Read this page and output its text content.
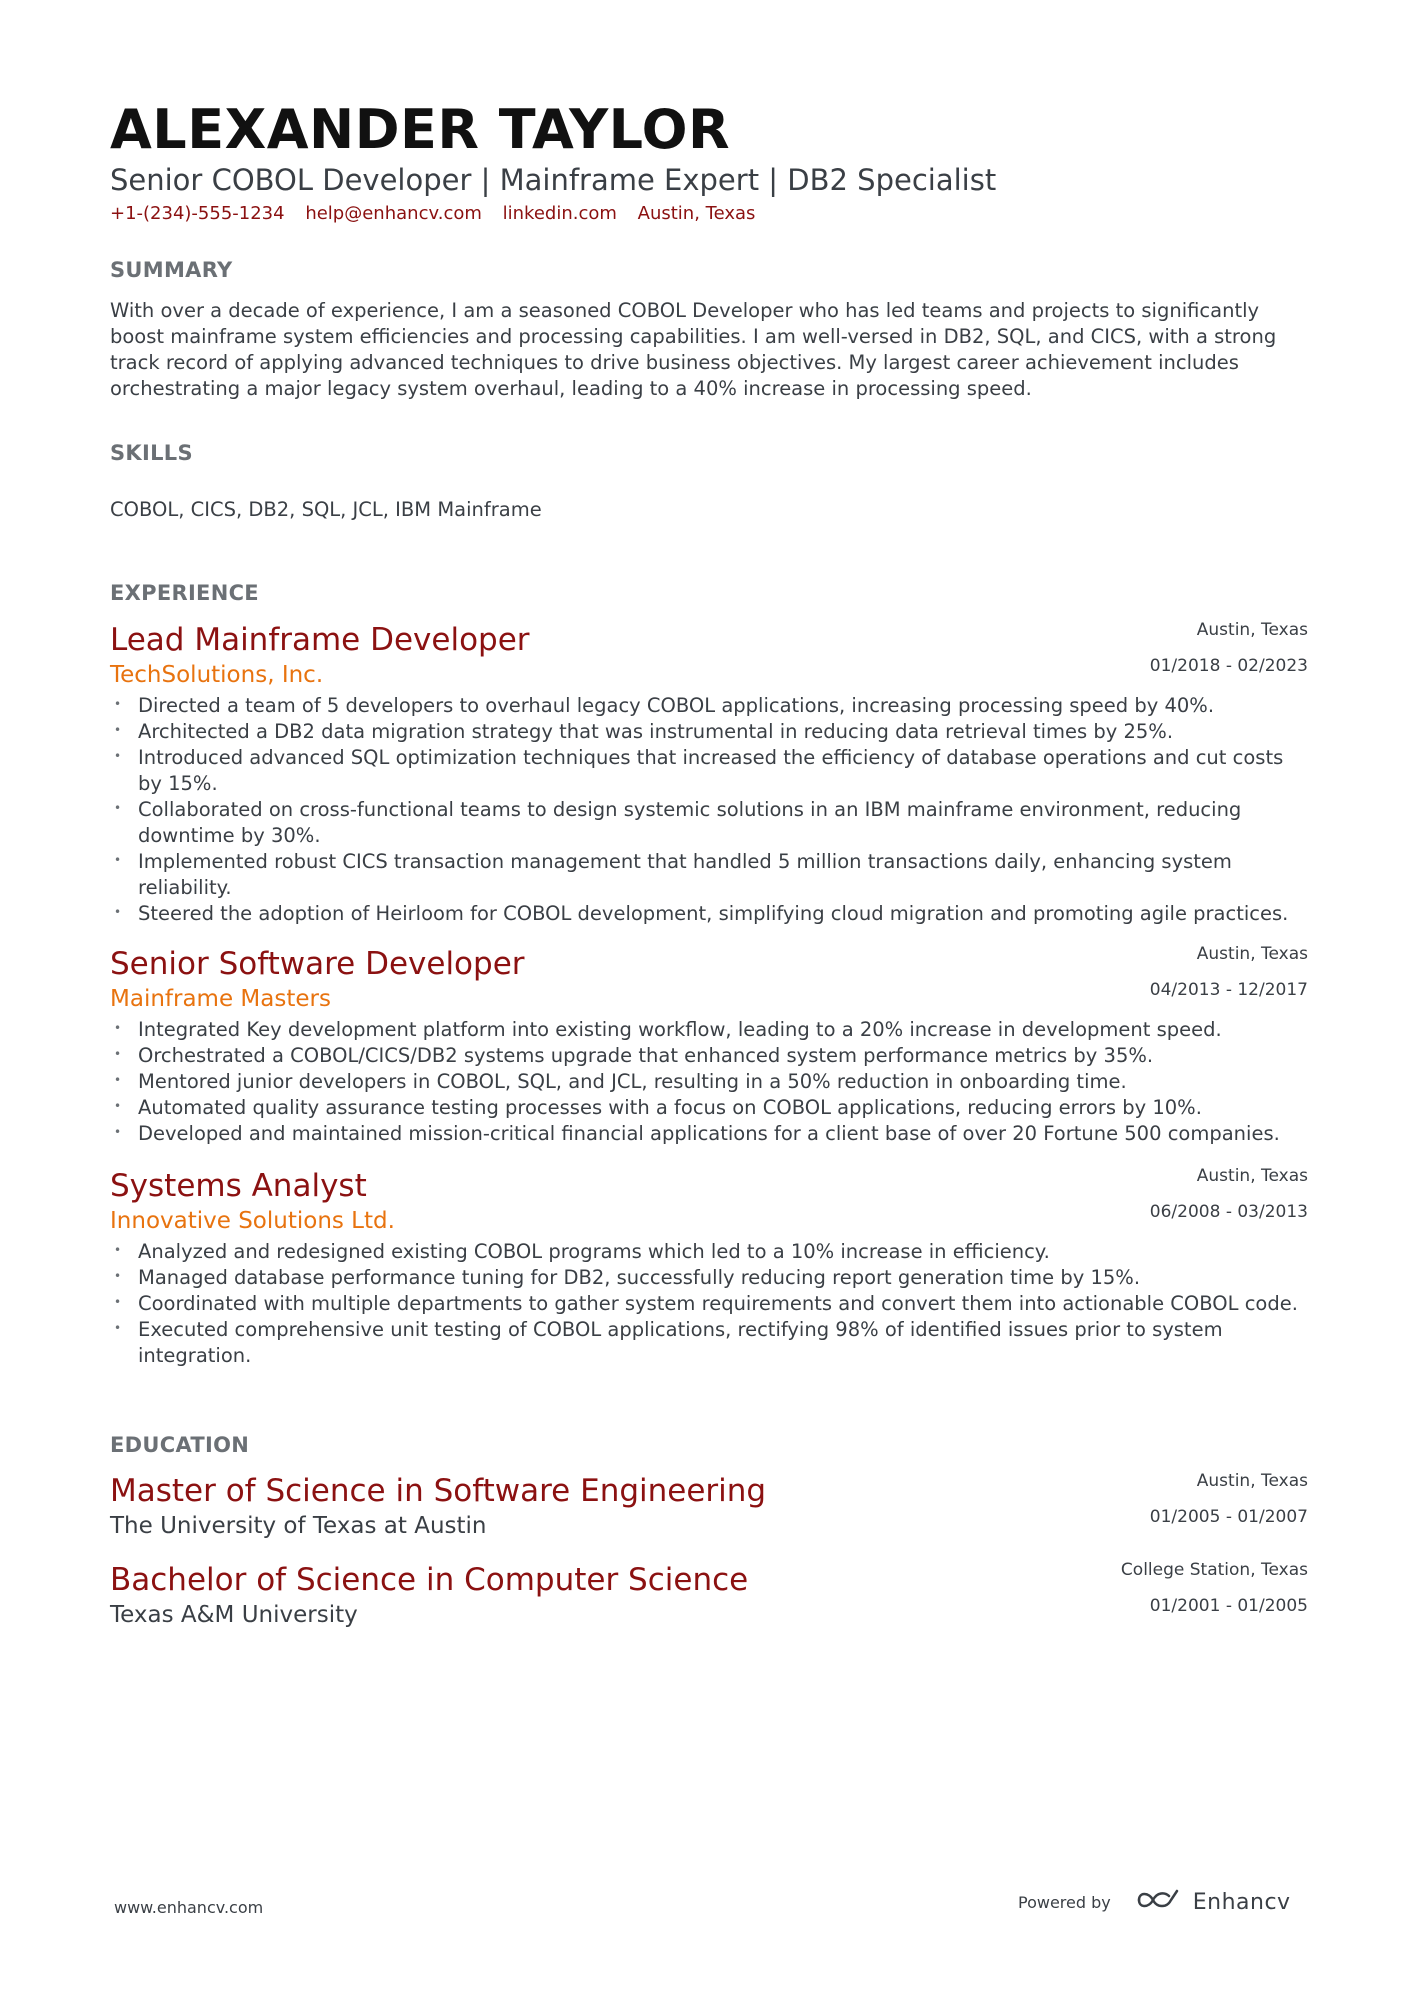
ALEXANDER TAYLOR
Senior COBOL Developer | Mainframe Expert | DB2 Specialist
+1-(234)-555-1234 help@enhancv.com linkedin.com Austin, Texas
SUMMARY
With over a decade of experience, I am a seasoned COBOL Developer who has led teams and projects to significantly boost mainframe system efficiencies and processing capabilities. I am well-versed in DB2, SQL, and CICS, with a strong track record of applying advanced techniques to drive business objectives. My largest career achievement includes orchestrating a major legacy system overhaul, leading to a 40% increase in processing speed.
SKILLS
COBOL, CICS, DB2, SQL, JCL, IBM Mainframe
EXPERIENCE
Lead Mainframe Developer
TechSolutions, Inc.
Austin, Texas
01/2018 - 02/2023
• Directed a team of 5 developers to overhaul legacy COBOL applications, increasing processing speed by 40%.
• Architected a DB2 data migration strategy that was instrumental in reducing data retrieval times by 25%.
• Introduced advanced SQL optimization techniques that increased the efficiency of database operations and cut costs by 15%.
• Collaborated on cross-functional teams to design systemic solutions in an IBM mainframe environment, reducing downtime by 30%.
• Implemented robust CICS transaction management that handled 5 million transactions daily, enhancing system reliability.
• Steered the adoption of Heirloom for COBOL development, simplifying cloud migration and promoting agile practices.
Senior Software Developer
Mainframe Masters
Austin, Texas
04/2013 - 12/2017
• Integrated Key development platform into existing workflow, leading to a 20% increase in development speed.
• Orchestrated a COBOL/CICS/DB2 systems upgrade that enhanced system performance metrics by 35%.
• Mentored junior developers in COBOL, SQL, and JCL, resulting in a 50% reduction in onboarding time.
• Automated quality assurance testing processes with a focus on COBOL applications, reducing errors by 10%.
• Developed and maintained mission-critical financial applications for a client base of over 20 Fortune 500 companies.
Systems Analyst
Innovative Solutions Ltd.
Austin, Texas
06/2008 - 03/2013
• Analyzed and redesigned existing COBOL programs which led to a 10% increase in efficiency.
• Managed database performance tuning for DB2, successfully reducing report generation time by 15%.
• Coordinated with multiple departments to gather system requirements and convert them into actionable COBOL code.
• Executed comprehensive unit testing of COBOL applications, rectifying 98% of identified issues prior to system integration.
EDUCATION
Master of Science in Software Engineering
The University of Texas at Austin
Austin, Texas
01/2005 - 01/2007
Bachelor of Science in Computer Science
Texas A&M University
College Station, Texas
01/2001 - 01/2005
www.enhancv.com	Powered by	Enhancv
